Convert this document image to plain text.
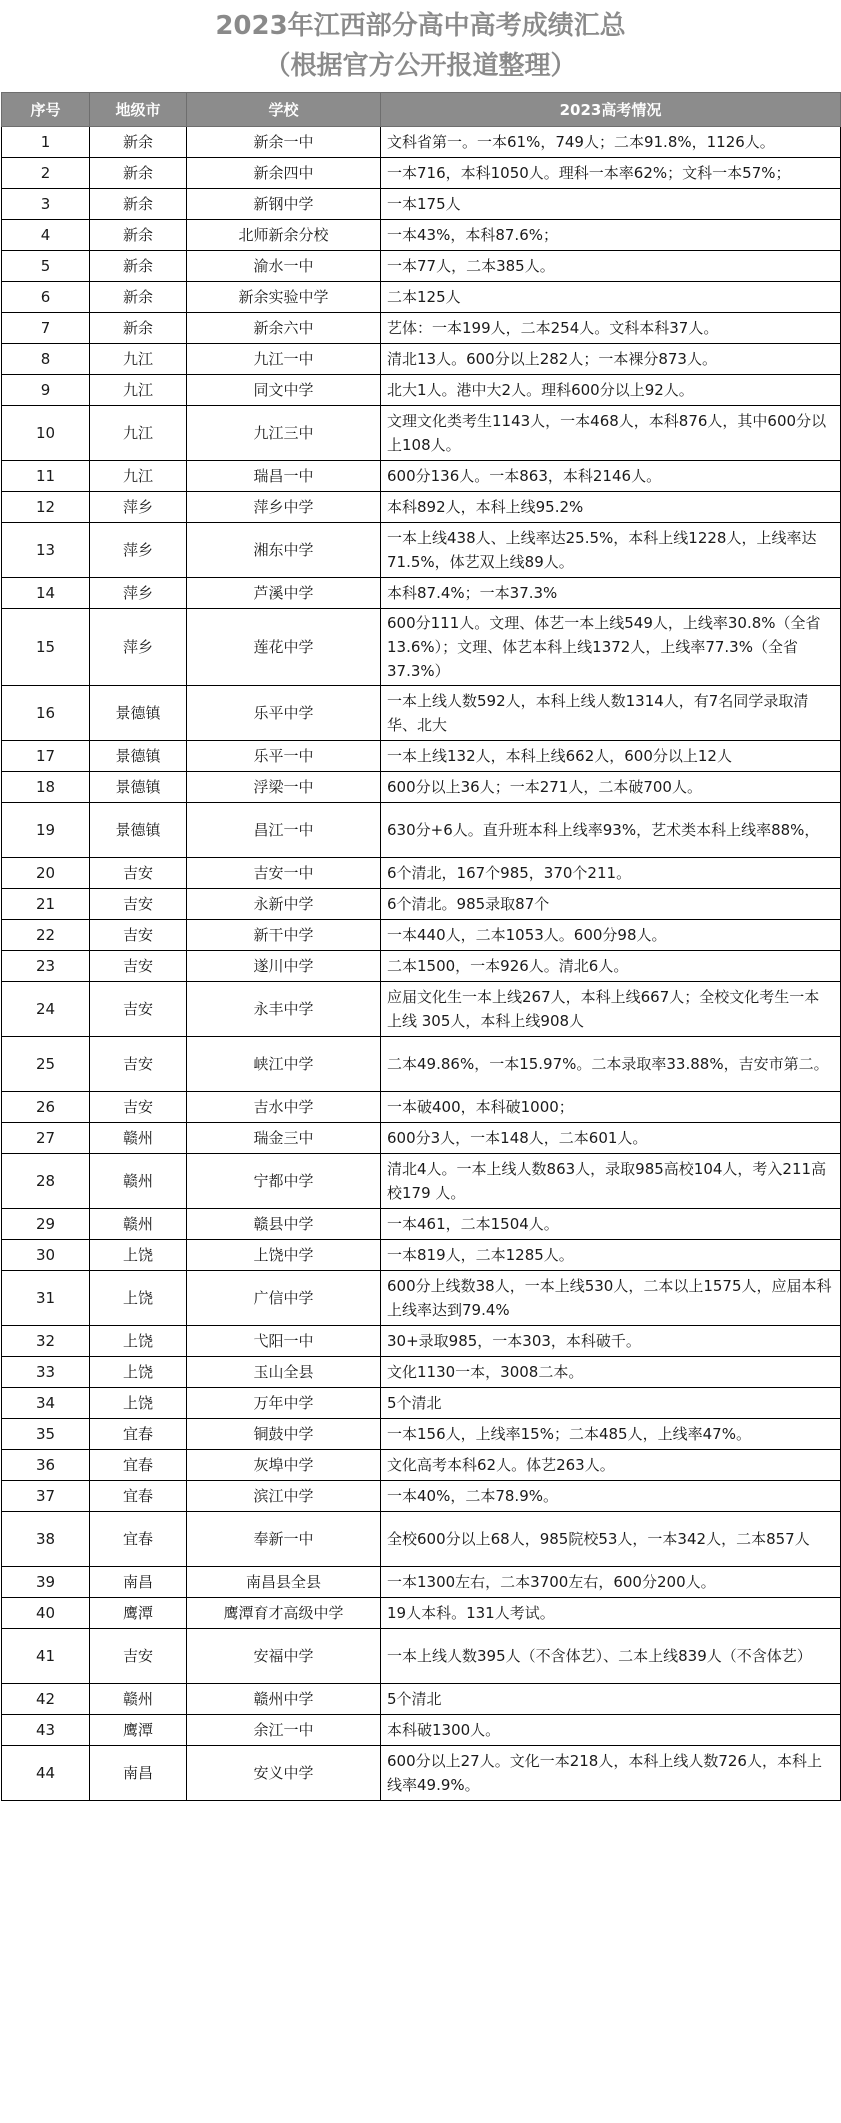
2023年江西部分高中高考成绩汇总
（根据官方公开报道整理）
序号	地级市	学校	2023高考情况
1	新余	新余一中	文科省第一。一本61%，749人；二本91.8%，1126人。
2	新余	新余四中	一本716，本科1050人。理科一本率62%；文科一本57%；
3	新余	新钢中学	一本175人
4	新余	北师新余分校	一本43%，本科87.6%；
5	新余	渝水一中	一本77人，二本385人。
6	新余	新余实验中学	二本125人
7	新余	新余六中	艺体：一本199人，二本254人。文科本科37人。
8	九江	九江一中	清北13人。600分以上282人；一本裸分873人。
9	九江	同文中学	北大1人。港中大2人。理科600分以上92人。
10	九江	九江三中	文理文化类考生1143人，一本468人，本科876人，其中600分以上108人。
11	九江	瑞昌一中	600分136人。一本863，本科2146人。
12	萍乡	萍乡中学	本科892人，本科上线95.2%
13	萍乡	湘东中学	一本上线438人、上线率达25.5%，本科上线1228人，上线率达71.5%，体艺双上线89人。
14	萍乡	芦溪中学	本科87.4%；一本37.3%
15	萍乡	莲花中学	600分111人。文理、体艺一本上线549人，上线率30.8%（全省13.6%）；文理、体艺本科上线1372人，上线率77.3%（全省37.3%）
16	景德镇	乐平中学	一本上线人数592人，本科上线人数1314人，有7名同学录取清华、北大
17	景德镇	乐平一中	一本上线132人，本科上线662人，600分以上12人
18	景德镇	浮梁一中	600分以上36人；一本271人，二本破700人。
19	景德镇	昌江一中	630分+6人。直升班本科上线率93%，艺术类本科上线率88%，
20	吉安	吉安一中	6个清北，167个985，370个211。
21	吉安	永新中学	6个清北。985录取87个
22	吉安	新干中学	一本440人，二本1053人。600分98人。
23	吉安	遂川中学	二本1500，一本926人。清北6人。
24	吉安	永丰中学	应届文化生一本上线267人，本科上线667人；全校文化考生一本上线 305人，本科上线908人
25	吉安	峡江中学	二本49.86%，一本15.97%。二本录取率33.88%，吉安市第二。
26	吉安	吉水中学	一本破400，本科破1000；
27	赣州	瑞金三中	600分3人，一本148人，二本601人。
28	赣州	宁都中学	清北4人。一本上线人数863人，录取985高校104人，考入211高校179 人。
29	赣州	赣县中学	一本461，二本1504人。
30	上饶	上饶中学	一本819人，二本1285人。
31	上饶	广信中学	600分上线数38人，一本上线530人，二本以上1575人，应届本科上线率达到79.4%
32	上饶	弋阳一中	30+录取985，一本303，本科破千。
33	上饶	玉山全县	文化1130一本，3008二本。
34	上饶	万年中学	5个清北
35	宜春	铜鼓中学	一本156人，上线率15%；二本485人，上线率47%。
36	宜春	灰埠中学	文化高考本科62人。体艺263人。
37	宜春	滨江中学	一本40%，二本78.9%。
38	宜春	奉新一中	全校600分以上68人，985院校53人，一本342人，二本857人
39	南昌	南昌县全县	一本1300左右，二本3700左右，600分200人。
40	鹰潭	鹰潭育才高级中学	19人本科。131人考试。
41	吉安	安福中学	一本上线人数395人（不含体艺）、二本上线839人（不含体艺）
42	赣州	赣州中学	5个清北
43	鹰潭	余江一中	本科破1300人。
44	南昌	安义中学	600分以上27人。文化一本218人，本科上线人数726人，本科上线率49.9%。
